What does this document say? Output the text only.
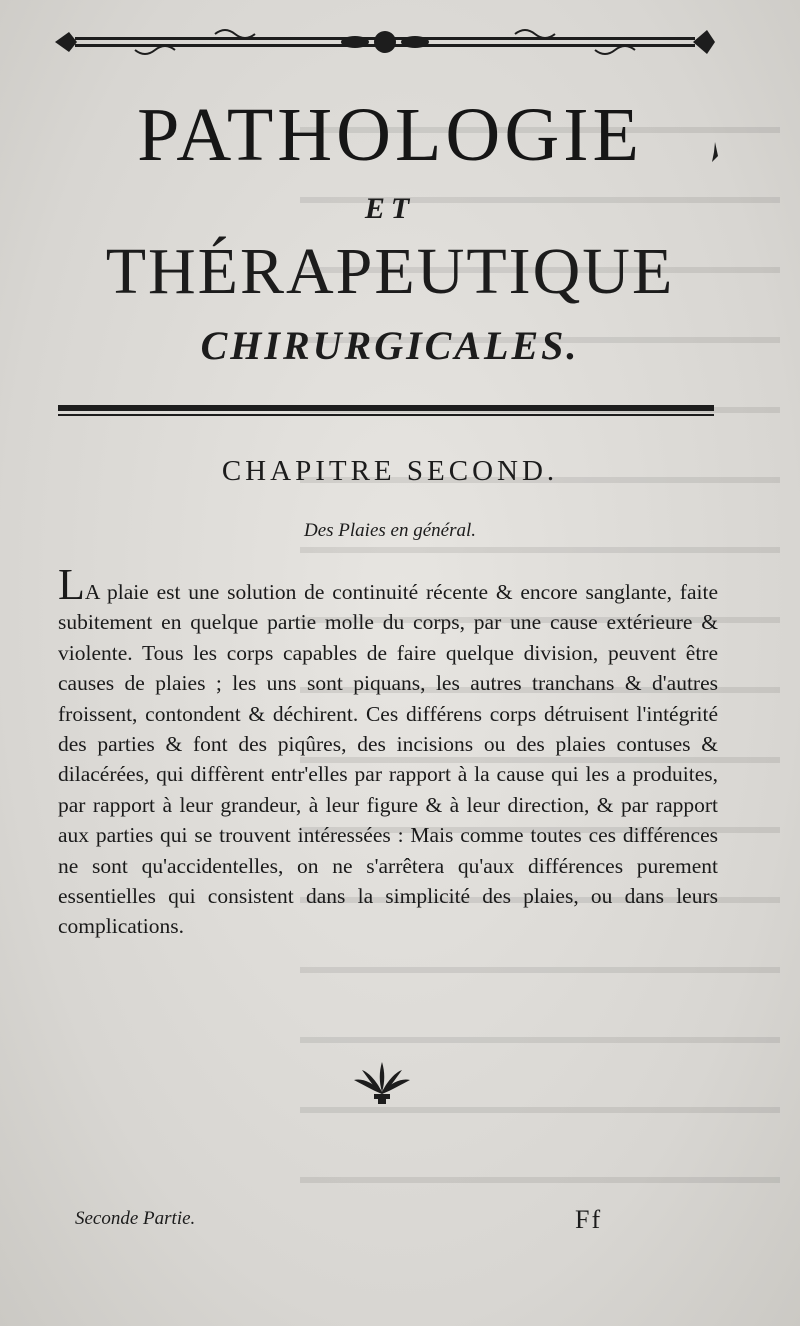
PATHOLOGIE
ET
THÉRAPEUTIQUE
CHIRURGICALES.
CHAPITRE SECOND.
Des Plaies en général.
LA plaie est une solution de continuité récente & encore sanglante, faite subitement en quelque partie molle du corps, par une cause extérieure & violente. Tous les corps capables de faire quelque division, peuvent être causes de plaies ; les uns sont piquans, les autres tranchans & d'autres froissent, contondent & déchirent. Ces différens corps détruisent l'intégrité des parties & font des piqûres, des incisions ou des plaies contuses & dilacérées, qui diffèrent entr'elles par rapport à la cause qui les a produites, par rapport à leur grandeur, à leur figure & à leur direction, & par rapport aux parties qui se trouvent intéressées : Mais comme toutes ces différences ne sont qu'accidentelles, on ne s'arrêtera qu'aux différences purement essentielles qui consistent dans la simplicité des plaies, ou dans leurs complications.
Seconde Partie.	Ff
